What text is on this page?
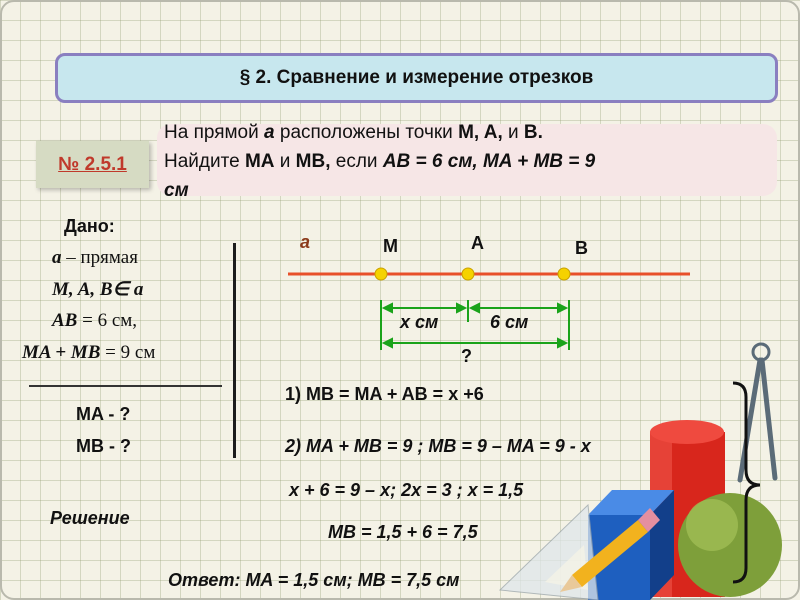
§ 2. Сравнение и измерение отрезков
№ 2.5.1
На прямой a расположены точки M, A, и B.
Найдите MA и MB, если AB = 6 см, MA + MB = 9
см
Дано:
a – прямая
M, A, B∈ a
AB = 6 см,
MA + MB = 9 см
MA - ?
MB - ?
a	M	A	B
x см	6 см
?
1) MB = MA + AB = x +6
2) MA + MB = 9 ; MB = 9 – MA = 9 - x
x + 6 = 9 – x; 2x = 3 ; x = 1,5
Решение
MB = 1,5 + 6 = 7,5
Ответ: MA = 1,5 см; MB = 7,5 см
